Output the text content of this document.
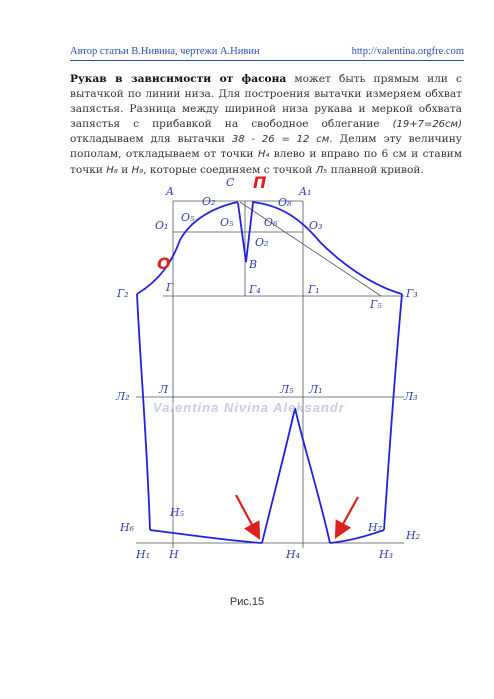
Автор статьи В.Нивина, чертежи А.Нивин	http://valentina.orgfre.com
Рукав в зависимости от фасона может быть прямым или с вытачкой по линии низа. Для построения вытачки измеряем обхват запястья. Разница между шириной низа рукава и меркой обхвата запястья с прибавкой на свободное облегание (19+7=26см) откладываем для вытачки 38 - 26 = 12 см. Делим эту величину пополам, откладываем от точки Н₄ влево и вправо по 6 см и ставим точки Н₈ и Н₉, которые соединяем с точкой Л₅ плавной кривой.
Valentina Nivina Aleksandr
A
С П	A₁
O₁
O₂
O₅ O₅	O₆
O₈
O₃
O₂
В
О
Г₂	Г	Г₄	Г₁
Г₅
Г₃
Л₂
Л	Л₅ Л₁
Л₃
H₆
H₅
H₇
H₂
H₁ H	H₄	H₃
Рис.15
